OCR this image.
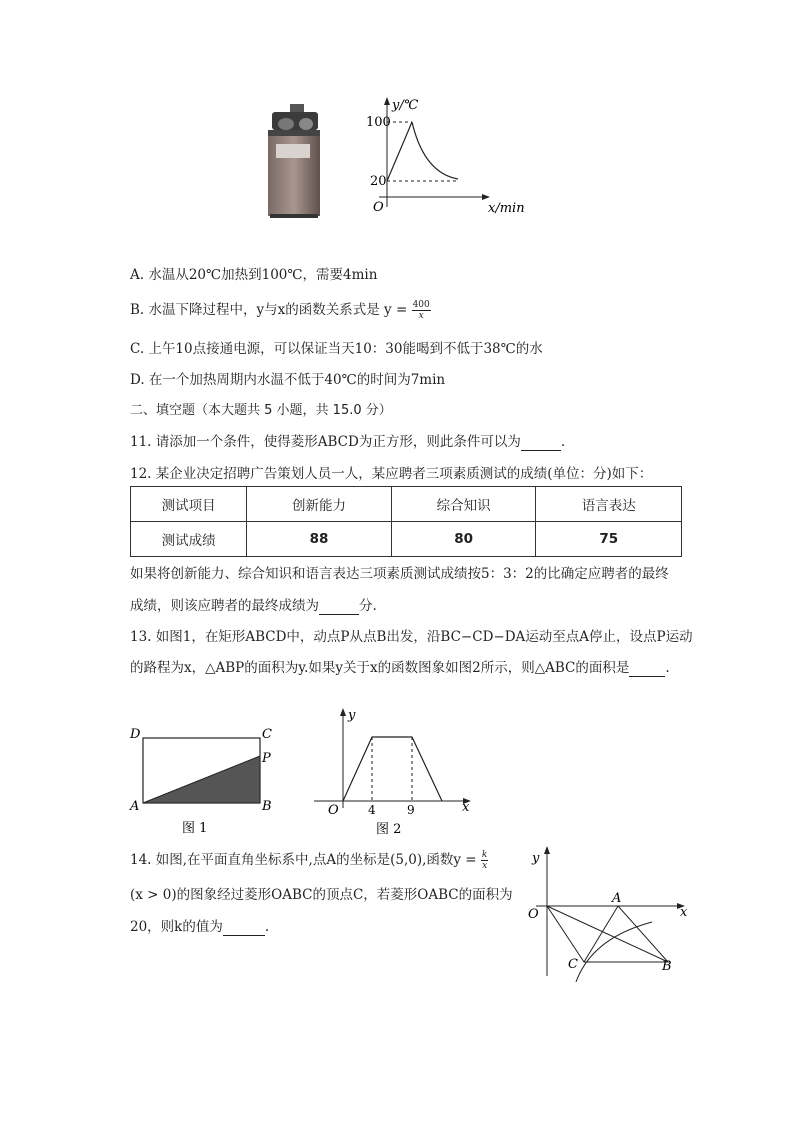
y/℃
100
20
O	x/min
A. 水温从20℃加热到100℃，需要4min
B. 水温下降过程中，y与x的函数关系式是 $y = \frac{400}{x}$
C. 上午10点接通电源，可以保证当天10：30能喝到不低于38℃的水
D. 在一个加热周期内水温不低于40℃的时间为7min
二、填空题（本大题共 5 小题，共 15.0 分）
11. 请添加一个条件，使得菱形ABCD为正方形，则此条件可以为	.
12. 某企业决定招聘广告策划人员一人，某应聘者三项素质测试的成绩(单位：分)如下：
测试项目	创新能力	综合知识	语言表达
测试成绩	88	80	75
如果将创新能力、综合知识和语言表达三项素质测试成绩按5：3：2的比确定应聘者的最终
成绩，则该应聘者的最终成绩为	分.
13. 如图1，在矩形ABCD中，动点P从点B出发，沿BC−CD−DA运动至点A停止，设点P运动
的路程为x，△ABP的面积为y.如果y关于x的函数图象如图2所示，则△ABC的面积是	.
D	C
P
A	B
图 1
y
O 4	9	x
图 2
14. 如图,在平面直角坐标系中,点A的坐标是(5,0),函数$y = \frac{k}{x}$
(x > 0)的图象经过菱形OABC的顶点C，若菱形OABC的面积为
20，则k的值为	.
y
O
A
B
C
x
